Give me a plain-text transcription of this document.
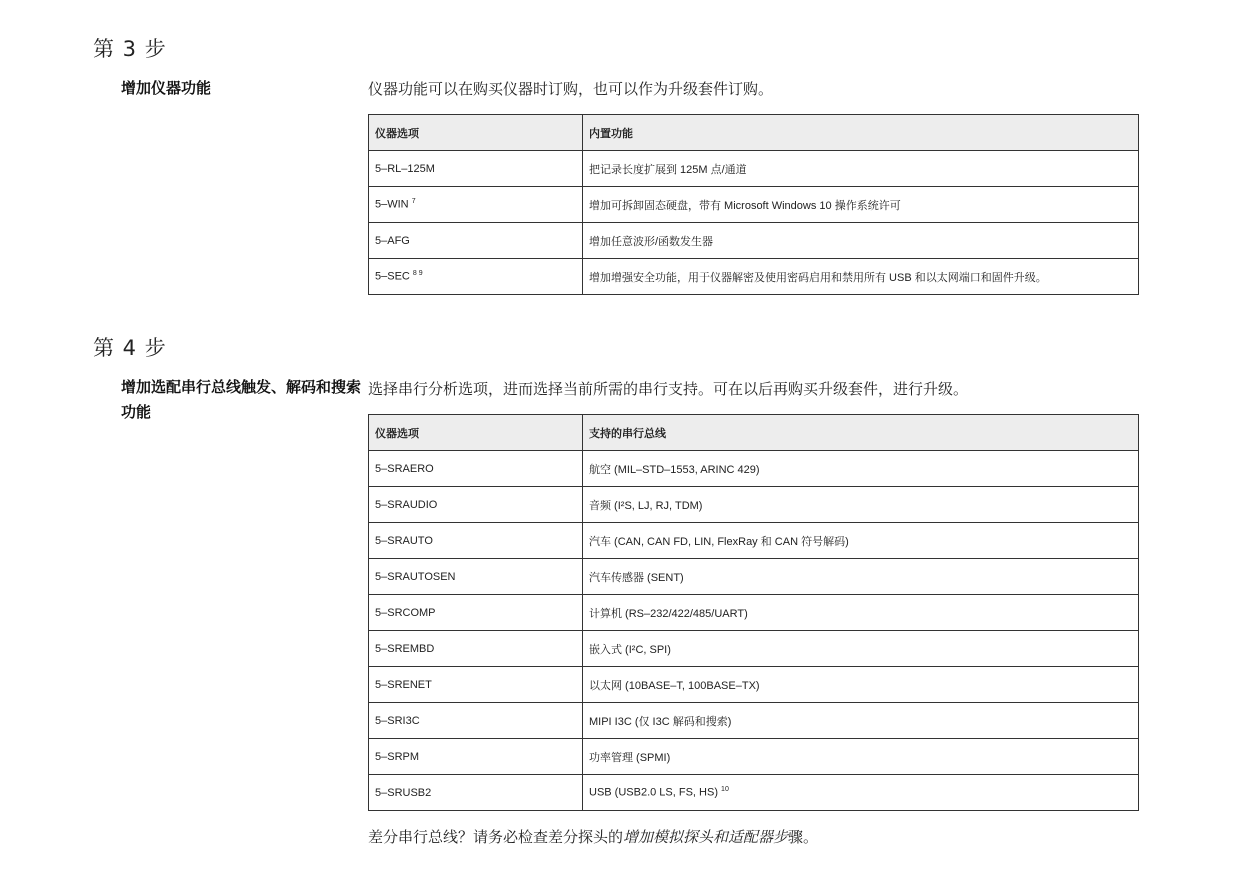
第 3 步
增加仪器功能	仪器功能可以在购买仪器时订购，也可以作为升级套件订购。
仪器选项	内置功能
5–RL–125M	把记录长度扩展到 125M 点/通道
5–WIN $^7$	增加可拆卸固态硬盘，带有 Microsoft Windows 10 操作系统许可
5–AFG	增加任意波形/函数发生器
5–SEC $^{8 9}$	增加增强安全功能，用于仪器解密及使用密码启用和禁用所有 USB 和以太网端口和固件升级。
第 4 步
增加选配串行总线触发、解码和搜索功能
选择串行分析选项，进而选择当前所需的串行支持。可在以后再购买升级套件，进行升级。
仪器选项	支持的串行总线
5–SRAERO	航空 (MIL–STD–1553, ARINC 429)
5–SRAUDIO	音频 (I²S, LJ, RJ, TDM)
5–SRAUTO	汽车 (CAN, CAN FD, LIN, FlexRay 和 CAN 符号解码)
5–SRAUTOSEN	汽车传感器 (SENT)
5–SRCOMP	计算机 (RS–232/422/485/UART)
5–SREMBD	嵌入式 (I²C, SPI)
5–SRENET	以太网 (10BASE–T, 100BASE–TX)
5–SRI3C	MIPI I3C (仅 I3C 解码和搜索)
5–SRPM	功率管理 (SPMI)
5–SRUSB2	USB (USB2.0 LS, FS, HS) $^{10}$
差分串行总线？请务必检查差分探头的增加模拟探头和适配器步骤。
